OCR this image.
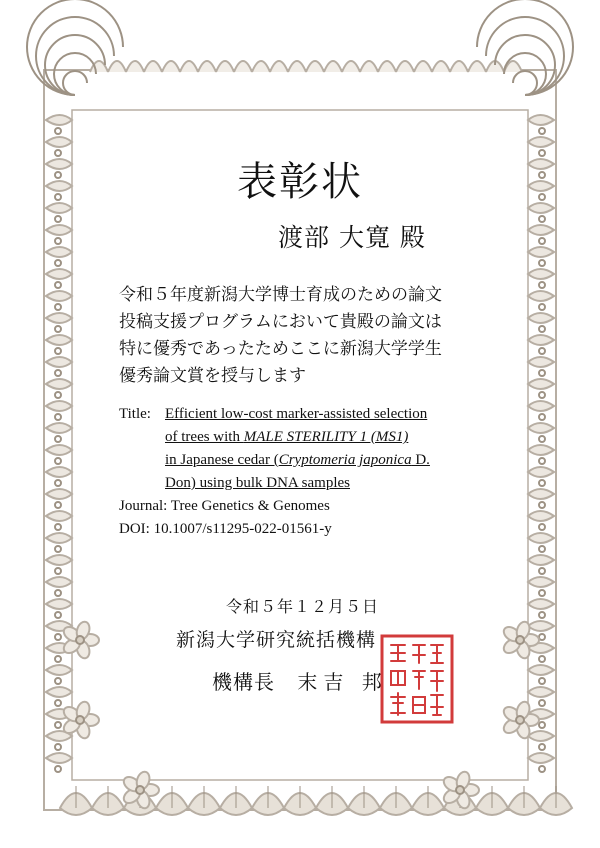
表彰状
渡部 大寛 殿
令和５年度新潟大学博士育成のための論文
投稿支援プログラムにおいて貴殿の論文は
特に優秀であったためここに新潟大学学生
優秀論文賞を授与します
Title: Efficient low-cost marker-assisted selection
of trees with MALE STERILITY 1 (MS1)
in Japanese cedar (Cryptomeria japonica D.
Don) using bulk DNA samples
Journal: Tree Genetics & Genomes
DOI: 10.1007/s11295-022-01561-y
令和５年１２月５日
新潟大学研究統括機構
機構長 末吉 邦
